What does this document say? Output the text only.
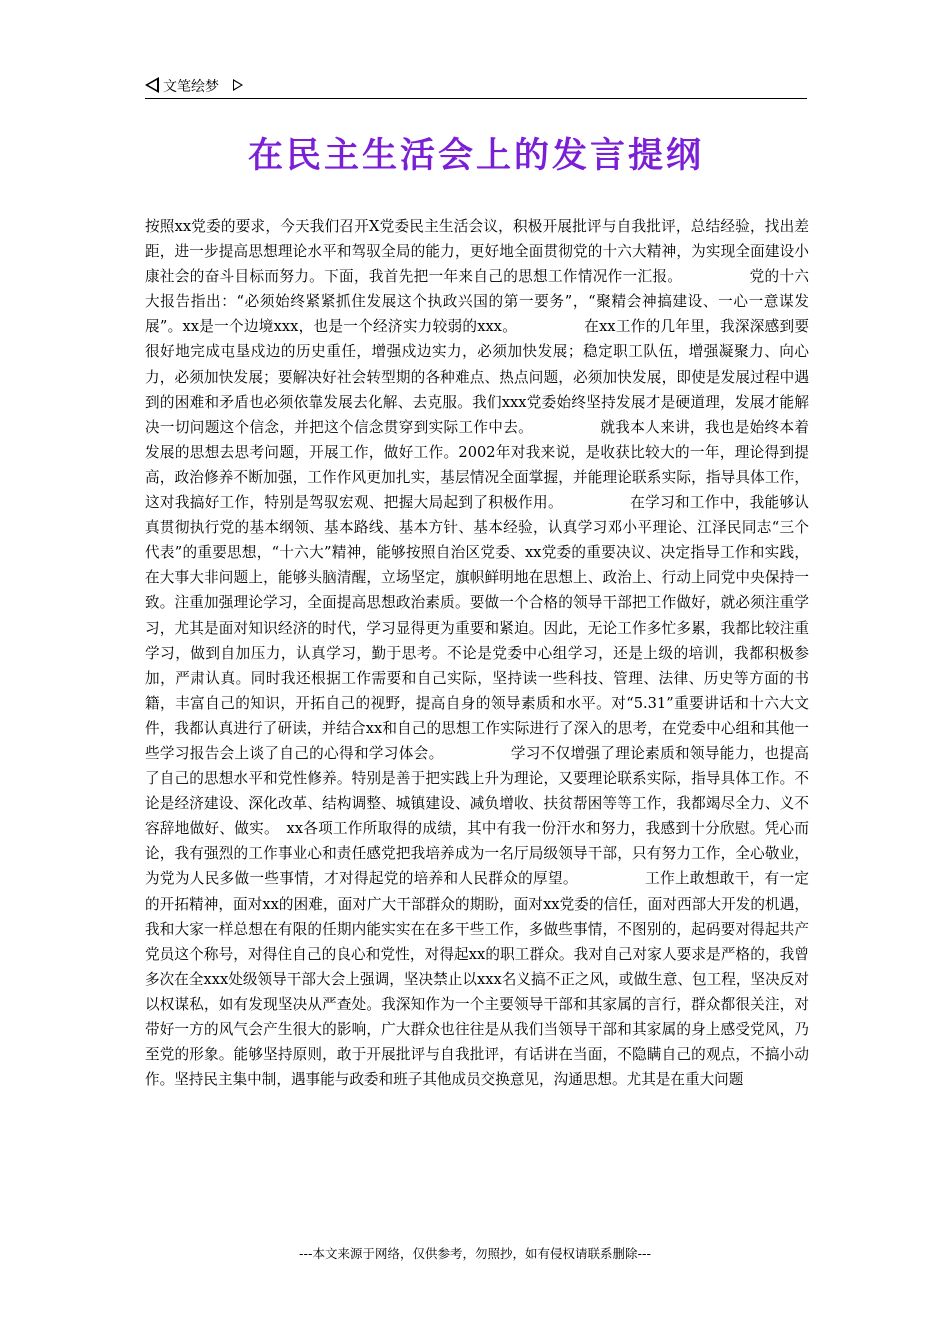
文笔绘梦
在民主生活会上的发言提纲
按照xx党委的要求，今天我们召开X党委民主生活会议，积极开展批评与自我批评，总结经验，找出差距，进一步提高思想理论水平和驾驭全局的能力，更好地全面贯彻党的十六大精神，为实现全面建设小康社会的奋斗目标而努力。下面，我首先把一年来自己的思想工作情况作一汇报。　　　　　党的十六大报告指出：“必须始终紧紧抓住发展这个执政兴国的第一要务”，“聚精会神搞建设、一心一意谋发展”。xx是一个边境xxx，也是一个经济实力较弱的xxx。　　　　　在xx工作的几年里，我深深感到要很好地完成屯垦戍边的历史重任，增强戍边实力，必须加快发展；稳定职工队伍，增强凝聚力、向心力，必须加快发展；要解决好社会转型期的各种难点、热点问题，必须加快发展，即使是发展过程中遇到的困难和矛盾也必须依靠发展去化解、去克服。我们xxx党委始终坚持发展才是硬道理，发展才能解决一切问题这个信念，并把这个信念贯穿到实际工作中去。　　　　　就我本人来讲，我也是始终本着发展的思想去思考问题，开展工作，做好工作。2002年对我来说，是收获比较大的一年，理论得到提高，政治修养不断加强，工作作风更加扎实，基层情况全面掌握，并能理论联系实际，指导具体工作，这对我搞好工作，特别是驾驭宏观、把握大局起到了积极作用。　　　　　在学习和工作中，我能够认真贯彻执行党的基本纲领、基本路线、基本方针、基本经验，认真学习邓小平理论、江泽民同志“三个代表”的重要思想，“十六大”精神，能够按照自治区党委、xx党委的重要决议、决定指导工作和实践，在大事大非问题上，能够头脑清醒，立场坚定，旗帜鲜明地在思想上、政治上、行动上同党中央保持一致。注重加强理论学习，全面提高思想政治素质。要做一个合格的领导干部把工作做好，就必须注重学习，尤其是面对知识经济的时代，学习显得更为重要和紧迫。因此，无论工作多忙多累，我都比较注重学习，做到自加压力，认真学习，勤于思考。不论是党委中心组学习，还是上级的培训，我都积极参加，严肃认真。同时我还根据工作需要和自己实际，坚持读一些科技、管理、法律、历史等方面的书籍，丰富自己的知识，开拓自己的视野，提高自身的领导素质和水平。对“5.31”重要讲话和十六大文件，我都认真进行了研读，并结合xx和自己的思想工作实际进行了深入的思考，在党委中心组和其他一些学习报告会上谈了自己的心得和学习体会。　　　　　学习不仅增强了理论素质和领导能力，也提高了自己的思想水平和党性修养。特别是善于把实践上升为理论，又要理论联系实际，指导具体工作。不论是经济建设、深化改革、结构调整、城镇建设、减负增收、扶贫帮困等等工作，我都竭尽全力、义不容辞地做好、做实。　xx各项工作所取得的成绩，其中有我一份汗水和努力，我感到十分欣慰。凭心而论，我有强烈的工作事业心和责任感党把我培养成为一名厅局级领导干部，只有努力工作，全心敬业，为党为人民多做一些事情，才对得起党的培养和人民群众的厚望。　　　　　工作上敢想敢干，有一定的开拓精神，面对xx的困难，面对广大干部群众的期盼，面对xx党委的信任，面对西部大开发的机遇，我和大家一样总想在有限的任期内能实实在在多干些工作，多做些事情，不图别的，起码要对得起共产党员这个称号，对得住自己的良心和党性，对得起xx的职工群众。我对自己对家人要求是严格的，我曾多次在全xxx处级领导干部大会上强调，坚决禁止以xxx名义搞不正之风，或做生意、包工程，坚决反对以权谋私，如有发现坚决从严查处。我深知作为一个主要领导干部和其家属的言行，群众都很关注，对带好一方的风气会产生很大的影响，广大群众也往往是从我们当领导干部和其家属的身上感受党风，乃至党的形象。能够坚持原则，敢于开展批评与自我批评，有话讲在当面，不隐瞒自己的观点，不搞小动作。坚持民主集中制，遇事能与政委和班子其他成员交换意见，沟通思想。尤其是在重大问题
---本文来源于网络，仅供参考，勿照抄，如有侵权请联系删除---
